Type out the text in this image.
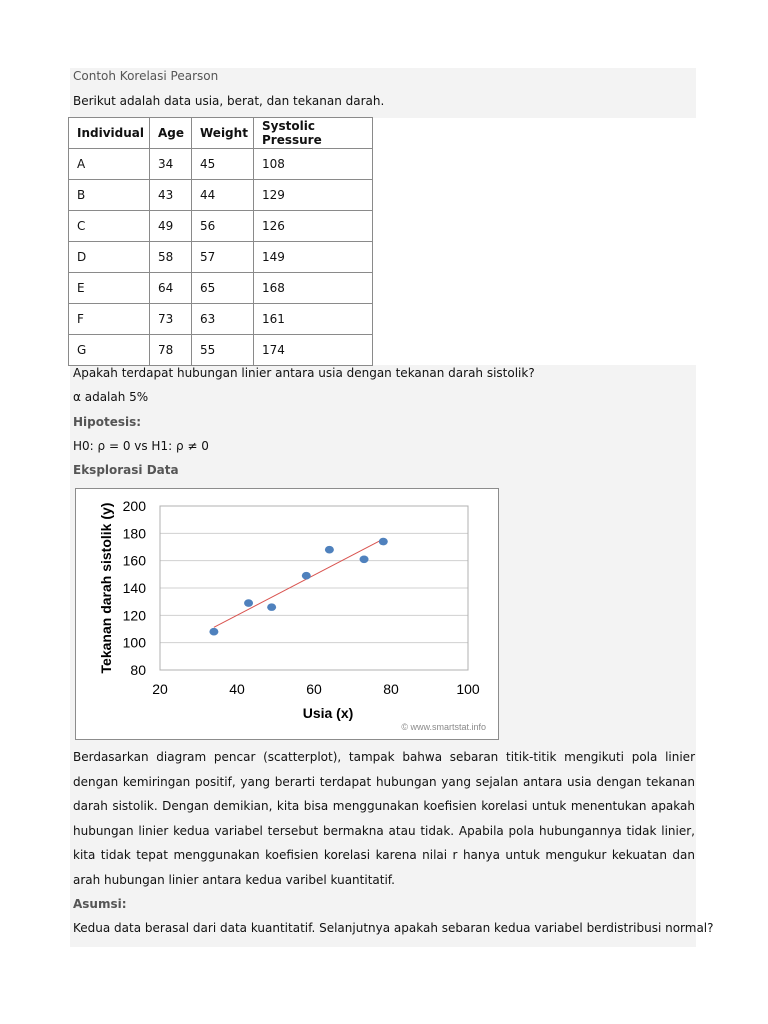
Contoh Korelasi Pearson
Berikut adalah data usia, berat, dan tekanan darah.
Individual	Age	Weight	Systolic Pressure
A	34	45	108
B	43	44	129
C	49	56	126
D	58	57	149
E	64	65	168
F	73	63	161
G	78	55	174
Apakah terdapat hubungan linier antara usia dengan tekanan darah sistolik?
α adalah 5%
Hipotesis:
H0: ρ = 0 vs H1: ρ ≠ 0
Eksplorasi Data
80
100
120
140
160
180
200
20	40	60	80	100
Usia (x)
Tekanan darah sistolik (y)
© www.smartstat.info
Berdasarkan diagram pencar (scatterplot), tampak bahwa sebaran titik-titik mengikuti pola linier dengan kemiringan positif, yang berarti terdapat hubungan yang sejalan antara usia dengan tekanan darah sistolik. Dengan demikian, kita bisa menggunakan koefisien korelasi untuk menentukan apakah hubungan linier kedua variabel tersebut bermakna atau tidak. Apabila pola hubungannya tidak linier, kita tidak tepat menggunakan koefisien korelasi karena nilai r hanya untuk mengukur kekuatan dan arah hubungan linier antara kedua varibel kuantitatif.
Asumsi:
Kedua data berasal dari data kuantitatif. Selanjutnya apakah sebaran kedua variabel berdistribusi normal?
